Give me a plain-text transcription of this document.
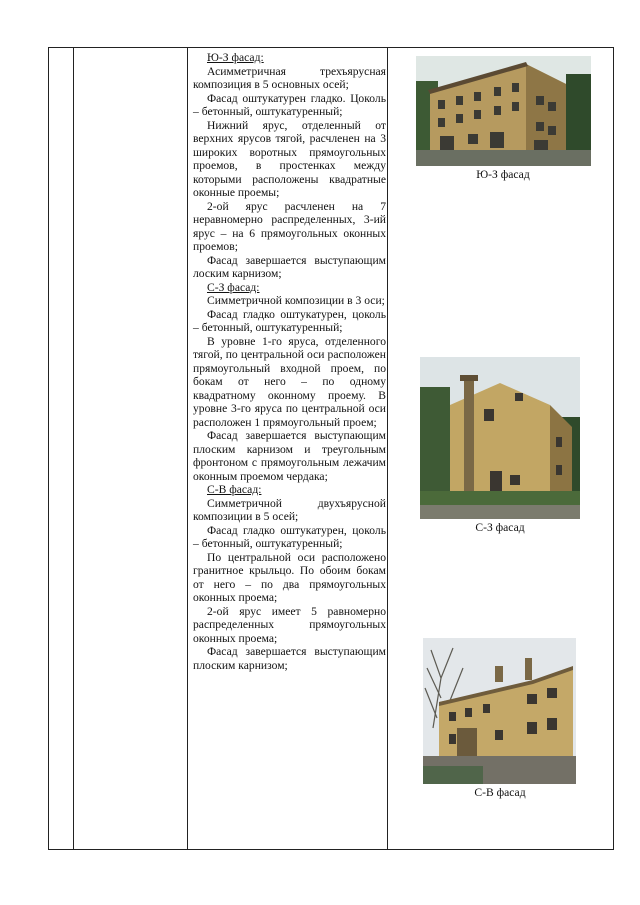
Ю-З фасад:

Асимметричная трехъярусная композиция в 5 основных осей;

Фасад оштукатурен гладко. Цоколь – бетонный, оштукатуренный;

Нижний ярус, отделенный от верхних ярусов тягой, расчленен на 3 широких воротных прямоугольных проемов, в простенках между которыми расположены квадратные оконные проемы;

2-ой ярус расчленен на 7 неравномерно распределенных, 3-ий ярус – на 6 прямоугольных оконных проемов;

Фасад завершается выступающим лоским карнизом;

С-З фасад:

Симметричной композиции в 3 оси;

Фасад гладко оштукатурен, цоколь – бетонный, оштукатуренный;

В уровне 1-го яруса, отделенного тягой, по центральной оси расположен прямоугольный входной проем, по бокам от него – по одному квадратному оконному проему. В уровне 3-го яруса по центральной оси расположен 1 прямоугольный проем;

Фасад завершается выступающим плоским карнизом и треугольным фронтоном с прямоугольным лежачим оконным проемом чердака;

С-В фасад:

Симметричной двухъярусной композиции в 5 осей;

Фасад гладко оштукатурен, цоколь – бетонный, оштукатуренный;

По центральной оси расположено гранитное крыльцо. По обоим бокам от него – по два прямоугольных оконных проема;

2-ой ярус имеет 5 равномерно распределенных прямоугольных оконных проема;

Фасад завершается выступающим плоским карнизом;

Ю-З фасад
С-З фасад
С-В фасад
